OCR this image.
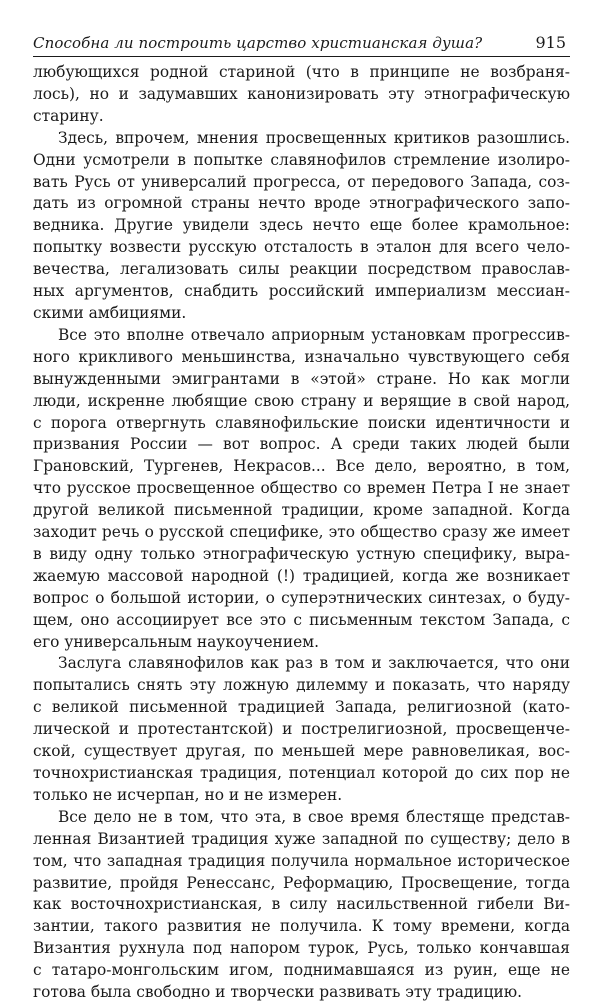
Способна ли построить царство христианская душа?	915

любующихся родной стариной (что в принципе не возбраня-
лось), но и задумавших канонизировать эту этнографическую
старину.

Здесь, впрочем, мнения просвещенных критиков разошлись.
Одни усмотрели в попытке славянофилов стремление изолиро-
вать Русь от универсалий прогресса, от передового Запада, соз-
дать из огромной страны нечто вроде этнографического запо-
ведника. Другие увидели здесь нечто еще более крамольное:
попытку возвести русскую отсталость в эталон для всего чело-
вечества, легализовать силы реакции посредством православ-
ных аргументов, снабдить российский империализм мессиан-
скими амбициями.

Все это вполне отвечало априорным установкам прогрессив-
ного крикливого меньшинства, изначально чувствующего себя
вынужденными эмигрантами в «этой» стране. Но как могли
люди, искренне любящие свою страну и верящие в свой народ,
с порога отвергнуть славянофильские поиски идентичности и
призвания России — вот вопрос. А среди таких людей были
Грановский, Тургенев, Некрасов... Все дело, вероятно, в том,
что русское просвещенное общество со времен Петра I не знает
другой великой письменной традиции, кроме западной. Когда
заходит речь о русской специфике, это общество сразу же имеет
в виду одну только этнографическую устную специфику, выра-
жаемую массовой народной (!) традицией, когда же возникает
вопрос о большой истории, о суперэтнических синтезах, о буду-
щем, оно ассоциирует все это с письменным текстом Запада, с
его универсальным наукоучением.

Заслуга славянофилов как раз в том и заключается, что они
попытались снять эту ложную дилемму и показать, что наряду
с великой письменной традицией Запада, религиозной (като-
лической и протестантской) и пострелигиозной, просвещенче-
ской, существует другая, по меньшей мере равновеликая, вос-
точнохристианская традиция, потенциал которой до сих пор не
только не исчерпан, но и не измерен.

Все дело не в том, что эта, в свое время блестяще представ-
ленная Византией традиция хуже западной по существу; дело в
том, что западная традиция получила нормальное историческое
развитие, пройдя Ренессанс, Реформацию, Просвещение, тогда
как восточнохристианская, в силу насильственной гибели Ви-
зантии, такого развития не получила. К тому времени, когда
Византия рухнула под напором турок, Русь, только кончавшая
с татаро-монгольским игом, поднимавшаяся из руин, еще не
готова была свободно и творчески развивать эту традицию.
